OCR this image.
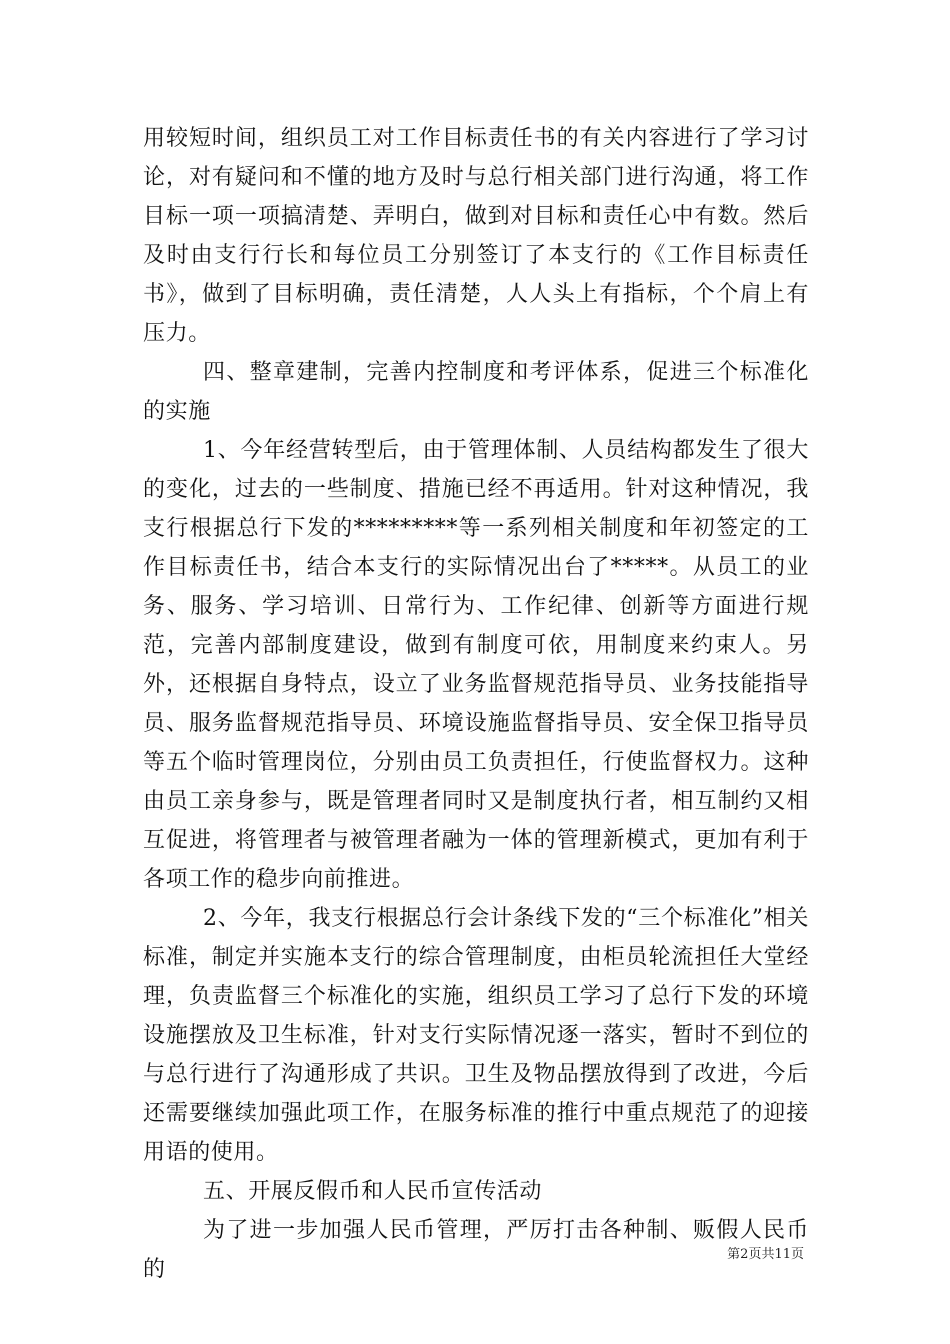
用较短时间，组织员工对工作目标责任书的有关内容进行了学习讨论，对有疑问和不懂的地方及时与总行相关部门进行沟通，将工作目标一项一项搞清楚、弄明白，做到对目标和责任心中有数。然后及时由支行行长和每位员工分别签订了本支行的《工作目标责任书》，做到了目标明确，责任清楚，人人头上有指标，个个肩上有压力。

四、整章建制，完善内控制度和考评体系，促进三个标准化的实施

1、今年经营转型后，由于管理体制、人员结构都发生了很大的变化，过去的一些制度、措施已经不再适用。针对这种情况，我支行根据总行下发的*********等一系列相关制度和年初签定的工作目标责任书，结合本支行的实际情况出台了*****。从员工的业务、服务、学习培训、日常行为、工作纪律、创新等方面进行规范，完善内部制度建设，做到有制度可依，用制度来约束人。另外，还根据自身特点，设立了业务监督规范指导员、业务技能指导员、服务监督规范指导员、环境设施监督指导员、安全保卫指导员等五个临时管理岗位，分别由员工负责担任，行使监督权力。这种由员工亲身参与，既是管理者同时又是制度执行者，相互制约又相互促进，将管理者与被管理者融为一体的管理新模式，更加有利于各项工作的稳步向前推进。

2、今年，我支行根据总行会计条线下发的“三个标准化”相关标准，制定并实施本支行的综合管理制度，由柜员轮流担任大堂经理，负责监督三个标准化的实施，组织员工学习了总行下发的环境设施摆放及卫生标准，针对支行实际情况逐一落实，暂时不到位的与总行进行了沟通形成了共识。卫生及物品摆放得到了改进，今后还需要继续加强此项工作，在服务标准的推行中重点规范了的迎接用语的使用。

五、开展反假币和人民币宣传活动

为了进一步加强人民币管理，严厉打击各种制、贩假人民币的

第2页共11页
